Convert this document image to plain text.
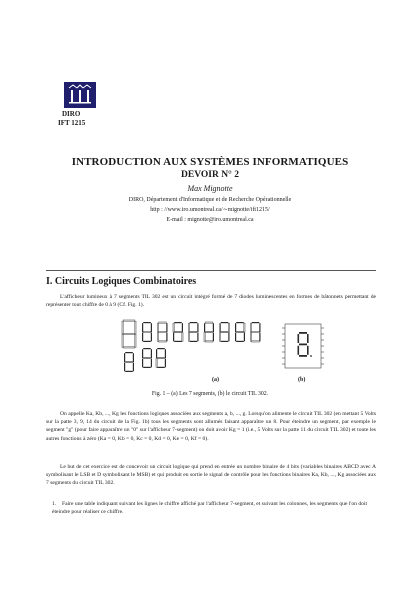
DIRO
IFT 1215
INTRODUCTION AUX SYSTÈMES INFORMATIQUES
DEVOIR N° 2
Max Mignotte
DIRO, Département d'Informatique et de Recherche Opérationnelle
http : //www.iro.umontreal.ca/∼mignotte/ift1215/
E-mail : mignotte@iro.umontreal.ca
I. Circuits Logiques Combinatoires
L'afficheur lumineux à 7 segments TIL 302 est un circuit intégré formé de 7 diodes luminescentes en formes de bâtonnets permettant de représenter tout chiffre de 0 à 9 (Cf. Fig. 1).
(a)	(b)
Fig. 1 – (a) Les 7 segments, (b) le circuit TIL 302.
On appelle Ka, Kb, ..., Kg les fonctions logiques associées aux segments a, b, ..., g. Lorsqu'on alimente le circuit TIL 302 (en mettant 5 Volts sur la patte 3, 9, 14 du circuit de la Fig. 1b) tous les segments sont allumés faisant apparaître un 8. Pour éteindre un segment, par exemple le segment "g" (pour faire apparaître un "0" sur l'afficheur 7-segment) on doit avoir Kg = 1 (i.e., 5 Volts sur la patte 11 du circuit TIL 302) et toute les autres fonctions à zéro (Ka = 0, Kb = 0, Kc = 0, Kd = 0, Ke = 0, Kf = 0).
Le but de cet exercice est de concevoir un circuit logique qui prend en entrée un nombre binaire de 4 bits (variables binaires ABCD avec A symbolisant le LSB et D symbolisant le MSB) et qui produit en sortie le signal de contrôle pour les fonctions binaires Ka, Kb, ..., Kg associées aux 7 segments du circuit TIL 302.
1. Faire une table indiquant suivant les lignes le chiffre affiché par l'afficheur 7-segment, et suivant les colonnes, les segments que l'on doit éteindre pour réaliser ce chiffre.
